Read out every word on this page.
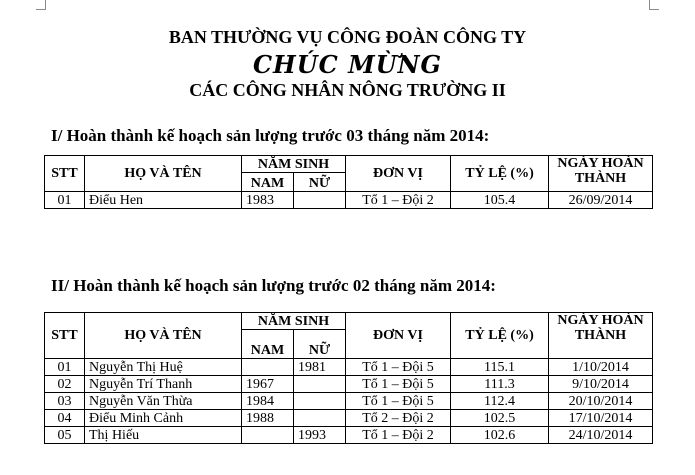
BAN THƯỜNG VỤ CÔNG ĐOÀN CÔNG TY
CHÚC MỪNG
CÁC CÔNG NHÂN NÔNG TRƯỜNG II
I/ Hoàn thành kế hoạch sản lượng trước 03 tháng năm 2014:
STT	HỌ VÀ TÊN	NĂM SINH		ĐƠN VỊ	TỶ LỆ (%)	NGÀY HOÀN
THÀNH

		NAM	NỮ			
01	Điểu Hen	1983		Tổ 1 – Đội 2	105.4	26/09/2014
II/ Hoàn thành kế hoạch sản lượng trước 02 tháng năm 2014:
STT	HỌ VÀ TÊN	NĂM SINH		ĐƠN VỊ	TỶ LỆ (%)	NGÀY HOÀN
THÀNH

		NAM	NỮ			
01	Nguyễn Thị Huệ		1981	Tổ 1 – Đội 5	115.1	1/10/2014
02	Nguyễn Trí Thanh	1967		Tổ 1 – Đội 5	111.3	9/10/2014
03	Nguyễn Văn Thừa	1984		Tổ 1 – Đội 5	112.4	20/10/2014
04	Điểu Minh Cảnh	1988		Tổ 2 – Đội 2	102.5	17/10/2014
05	Thị Hiếu		1993	Tổ 1 – Đội 2	102.6	24/10/2014
